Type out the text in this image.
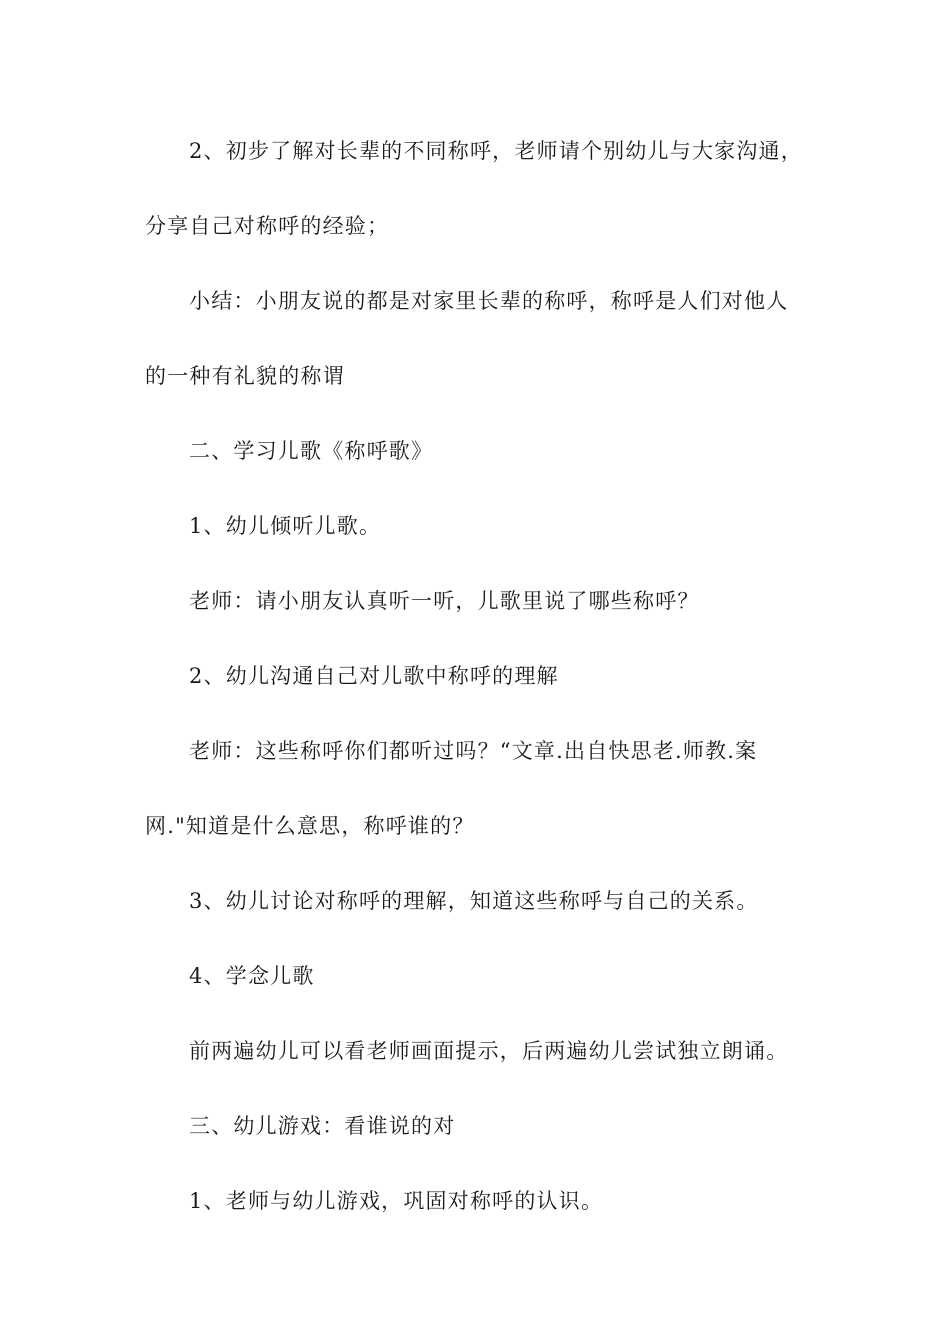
2、初步了解对长辈的不同称呼，老师请个别幼儿与大家沟通，
分享自己对称呼的经验；
小结：小朋友说的都是对家里长辈的称呼，称呼是人们对他人
的一种有礼貌的称谓
二、学习儿歌《称呼歌》
1、幼儿倾听儿歌。
老师：请小朋友认真听一听，儿歌里说了哪些称呼？
2、幼儿沟通自己对儿歌中称呼的理解
老师：这些称呼你们都听过吗？“文章.出自快思老.师教.案
网."知道是什么意思，称呼谁的？
3、幼儿讨论对称呼的理解，知道这些称呼与自己的关系。
4、学念儿歌
前两遍幼儿可以看老师画面提示，后两遍幼儿尝试独立朗诵。
三、幼儿游戏：看谁说的对
1、老师与幼儿游戏，巩固对称呼的认识。
